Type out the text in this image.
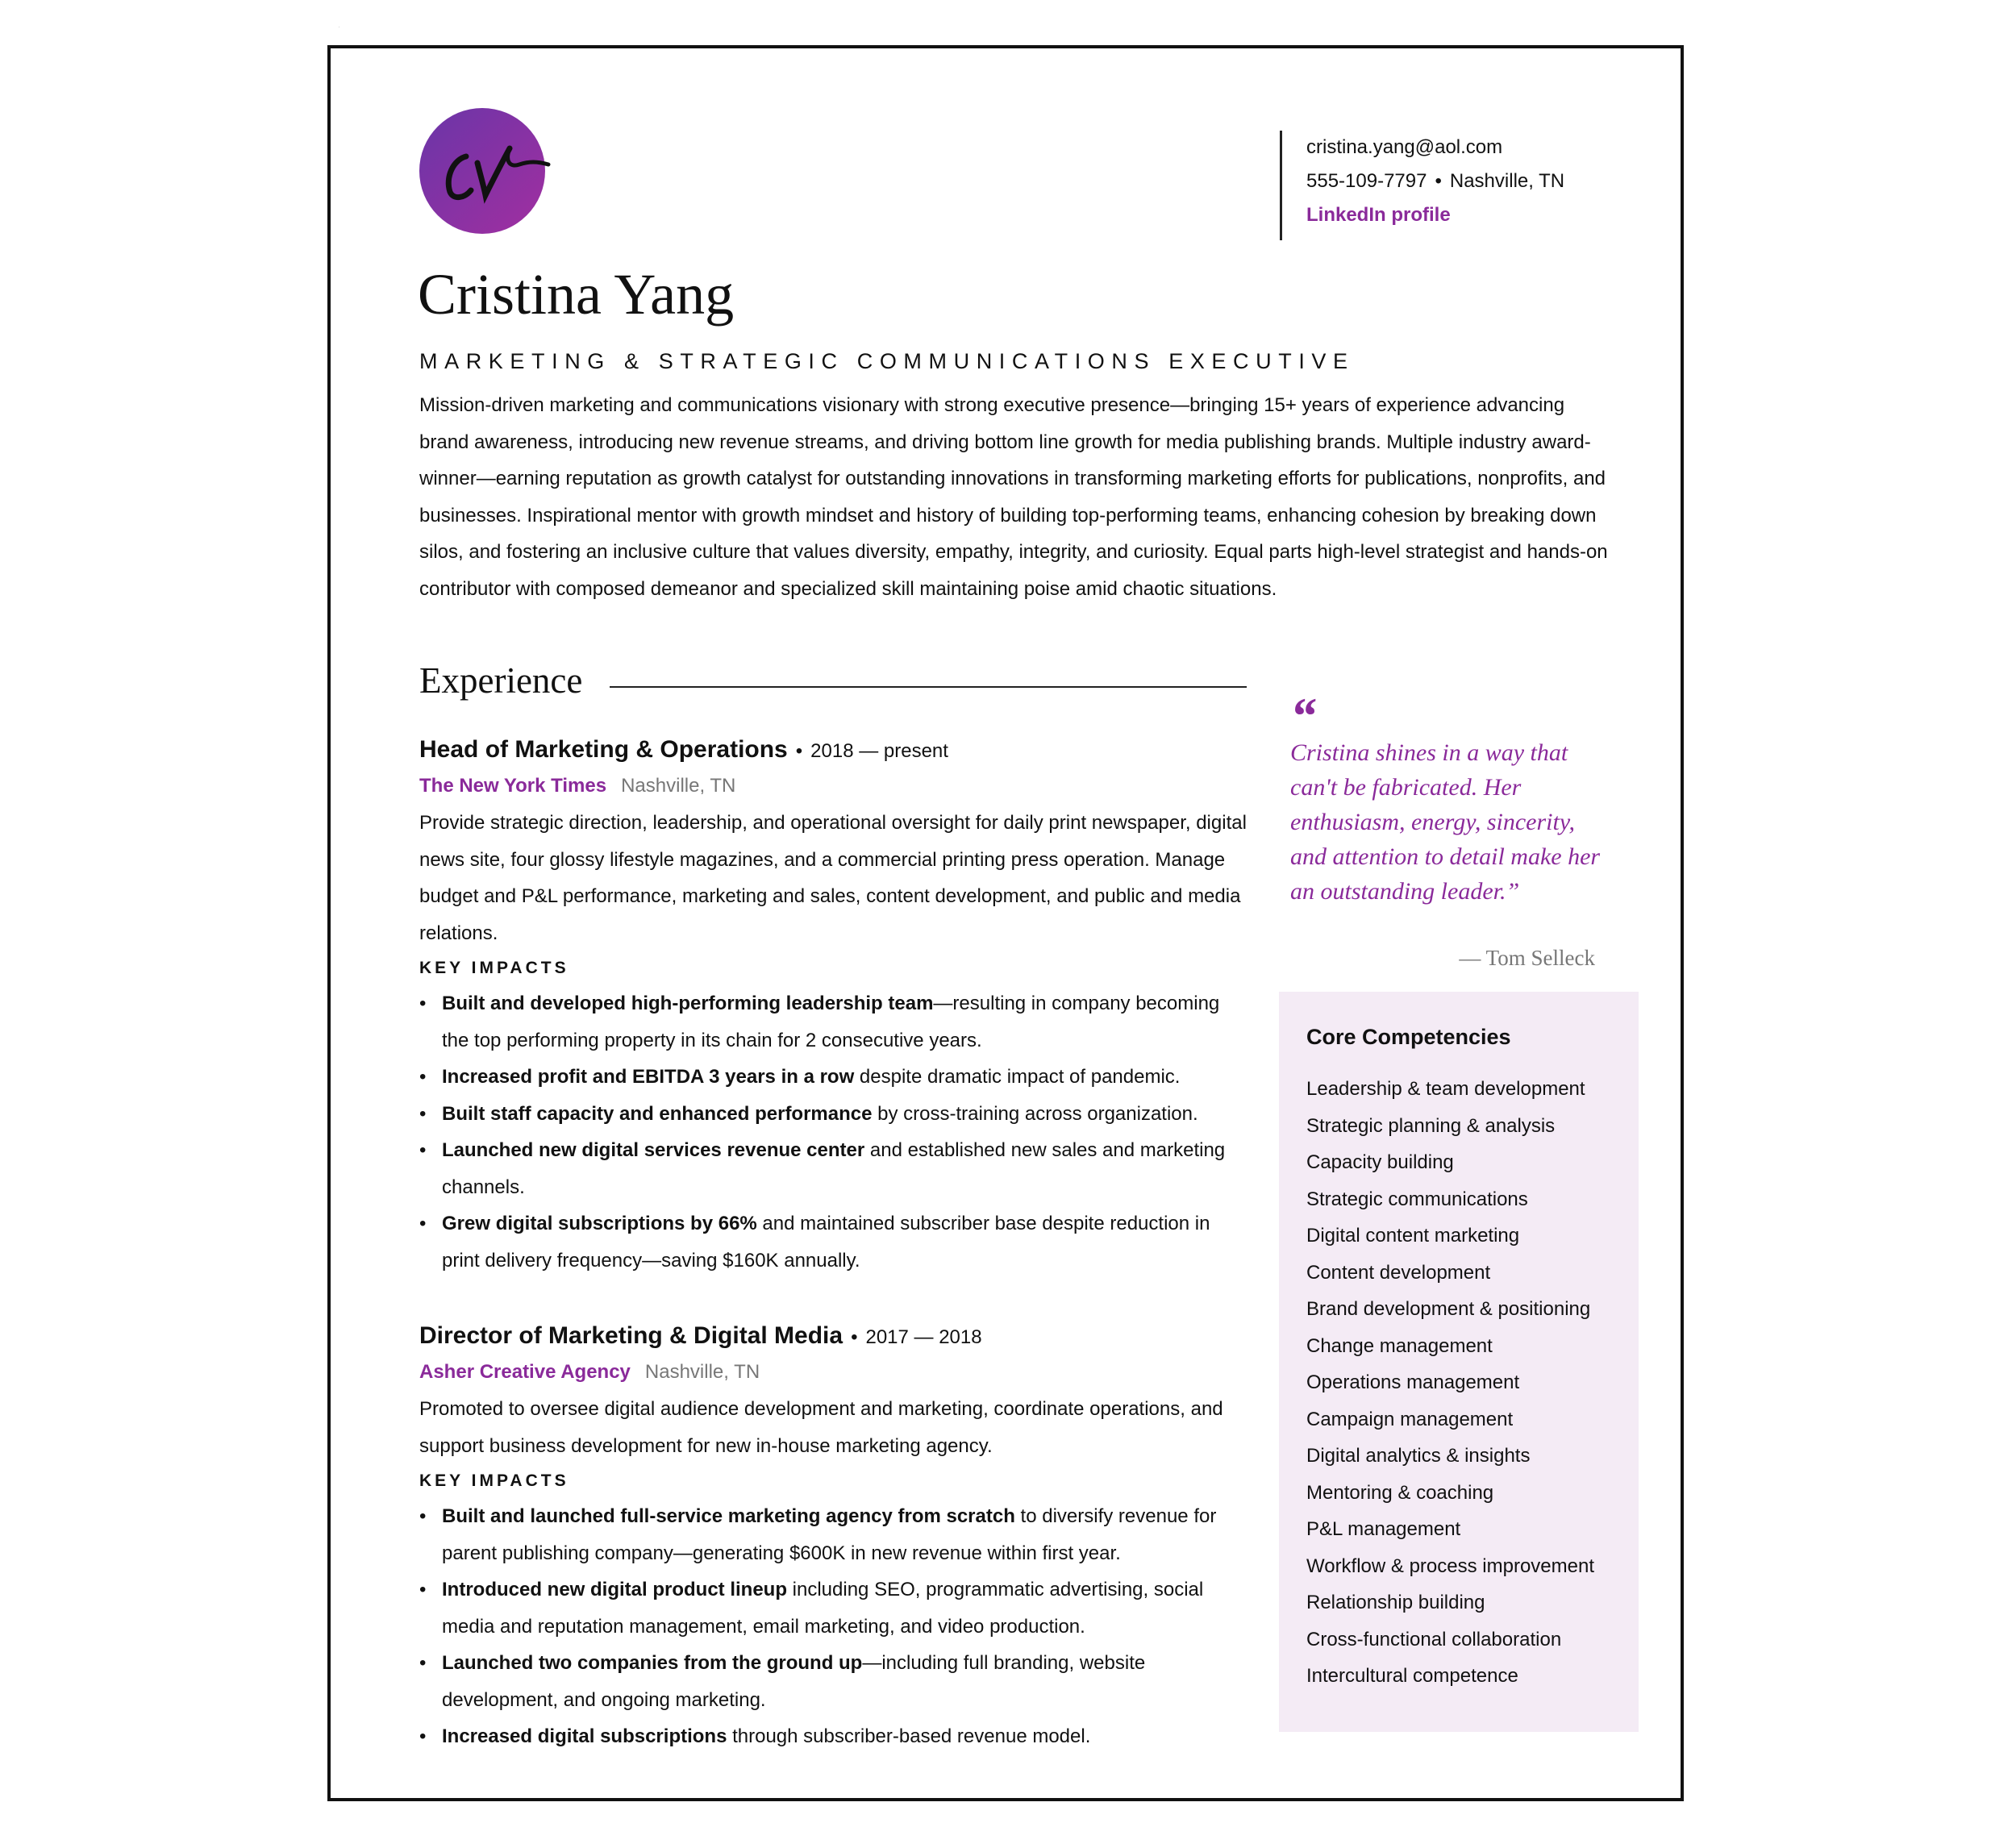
cv
cristina.yang@aol.com
555-109-7797 • Nashville, TN
LinkedIn profile
Cristina Yang
MARKETING & STRATEGIC COMMUNICATIONS EXECUTIVE

Mission-driven marketing and communications visionary with strong executive presence—bringing 15+ years of experience advancing brand awareness, introducing new revenue streams, and driving bottom line growth for media publishing brands. Multiple industry award-winner—earning reputation as growth catalyst for outstanding innovations in transforming marketing efforts for publications, nonprofits, and businesses. Inspirational mentor with growth mindset and history of building top-performing teams, enhancing cohesion by breaking down silos, and fostering an inclusive culture that values diversity, empathy, integrity, and curiosity. Equal parts high-level strategist and hands-on contributor with composed demeanor and specialized skill maintaining poise amid chaotic situations.

Experience
Head of Marketing & Operations • 2018 — present
The New York Times Nashville, TN

Provide strategic direction, leadership, and operational oversight for daily print newspaper, digital news site, four glossy lifestyle magazines, and a commercial printing press operation. Manage budget and P&L performance, marketing and sales, content development, and public and media relations.

KEY IMPACTS
• Built and developed high-performing leadership team—resulting in company becoming the top performing property in its chain for 2 consecutive years.
• Increased profit and EBITDA 3 years in a row despite dramatic impact of pandemic.
• Built staff capacity and enhanced performance by cross-training across organization.
• Launched new digital services revenue center and established new sales and marketing channels.
• Grew digital subscriptions by 66% and maintained subscriber base despite reduction in print delivery frequency—saving $160K annually.
Director of Marketing & Digital Media • 2017 — 2018
Asher Creative Agency Nashville, TN

Promoted to oversee digital audience development and marketing, coordinate operations, and support business development for new in-house marketing agency.

KEY IMPACTS
• Built and launched full-service marketing agency from scratch to diversify revenue for parent publishing company—generating $600K in new revenue within first year.
• Introduced new digital product lineup including SEO, programmatic advertising, social media and reputation management, email marketing, and video production.
• Launched two companies from the ground up—including full branding, website development, and ongoing marketing.
• Increased digital subscriptions through subscriber-based revenue model.
“

Cristina shines in a way that can't be fabricated. Her enthusiasm, energy, sincerity, and attention to detail make her an outstanding leader.”

— Tom Selleck
Core Competencies
Leadership & team development
Strategic planning & analysis
Capacity building
Strategic communications
Digital content marketing
Content development
Brand development & positioning
Change management
Operations management
Campaign management
Digital analytics & insights
Mentoring & coaching
P&L management
Workflow & process improvement
Relationship building
Cross-functional collaboration
Intercultural competence
